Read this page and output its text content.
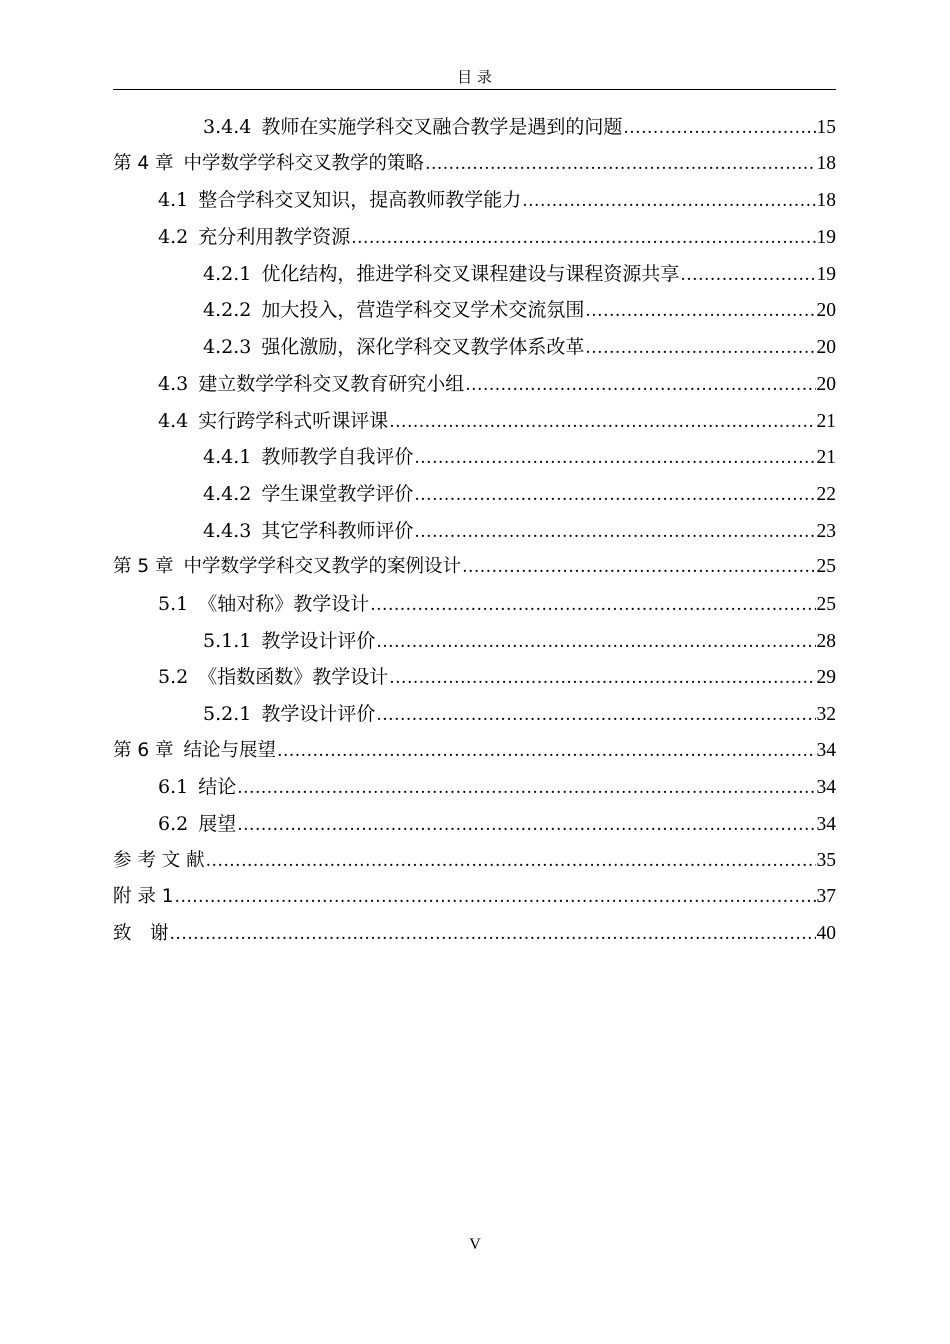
目 录
3.4.4 教师在实施学科交叉融合教学是遇到的问题 .....	15
第 4 章 中学数学学科交叉教学的策略 .....	18
4.1 整合学科交叉知识，提高教师教学能力 .....	18
4.2 充分利用教学资源 .....	19
4.2.1 优化结构，推进学科交叉课程建设与课程资源共享 .....	19
4.2.2 加大投入，营造学科交叉学术交流氛围 .....	20
4.2.3 强化激励，深化学科交叉教学体系改革 .....	20
4.3 建立数学学科交叉教育研究小组 .....	20
4.4 实行跨学科式听课评课 .....	21
4.4.1 教师教学自我评价 .....	21
4.4.2 学生课堂教学评价 .....	22
4.4.3 其它学科教师评价 .....	23
第 5 章 中学数学学科交叉教学的案例设计 .....	25
5.1 《轴对称》教学设计 .....	25
5.1.1 教学设计评价 .....	28
5.2 《指数函数》教学设计 .....	29
5.2.1 教学设计评价 .....	32
第 6 章 结论与展望 .....	34
6.1 结论 .....	34
6.2 展望 .....	34
参 考 文 献 .....	35
附 录 1 .....	37
致　谢 .....	40
V
